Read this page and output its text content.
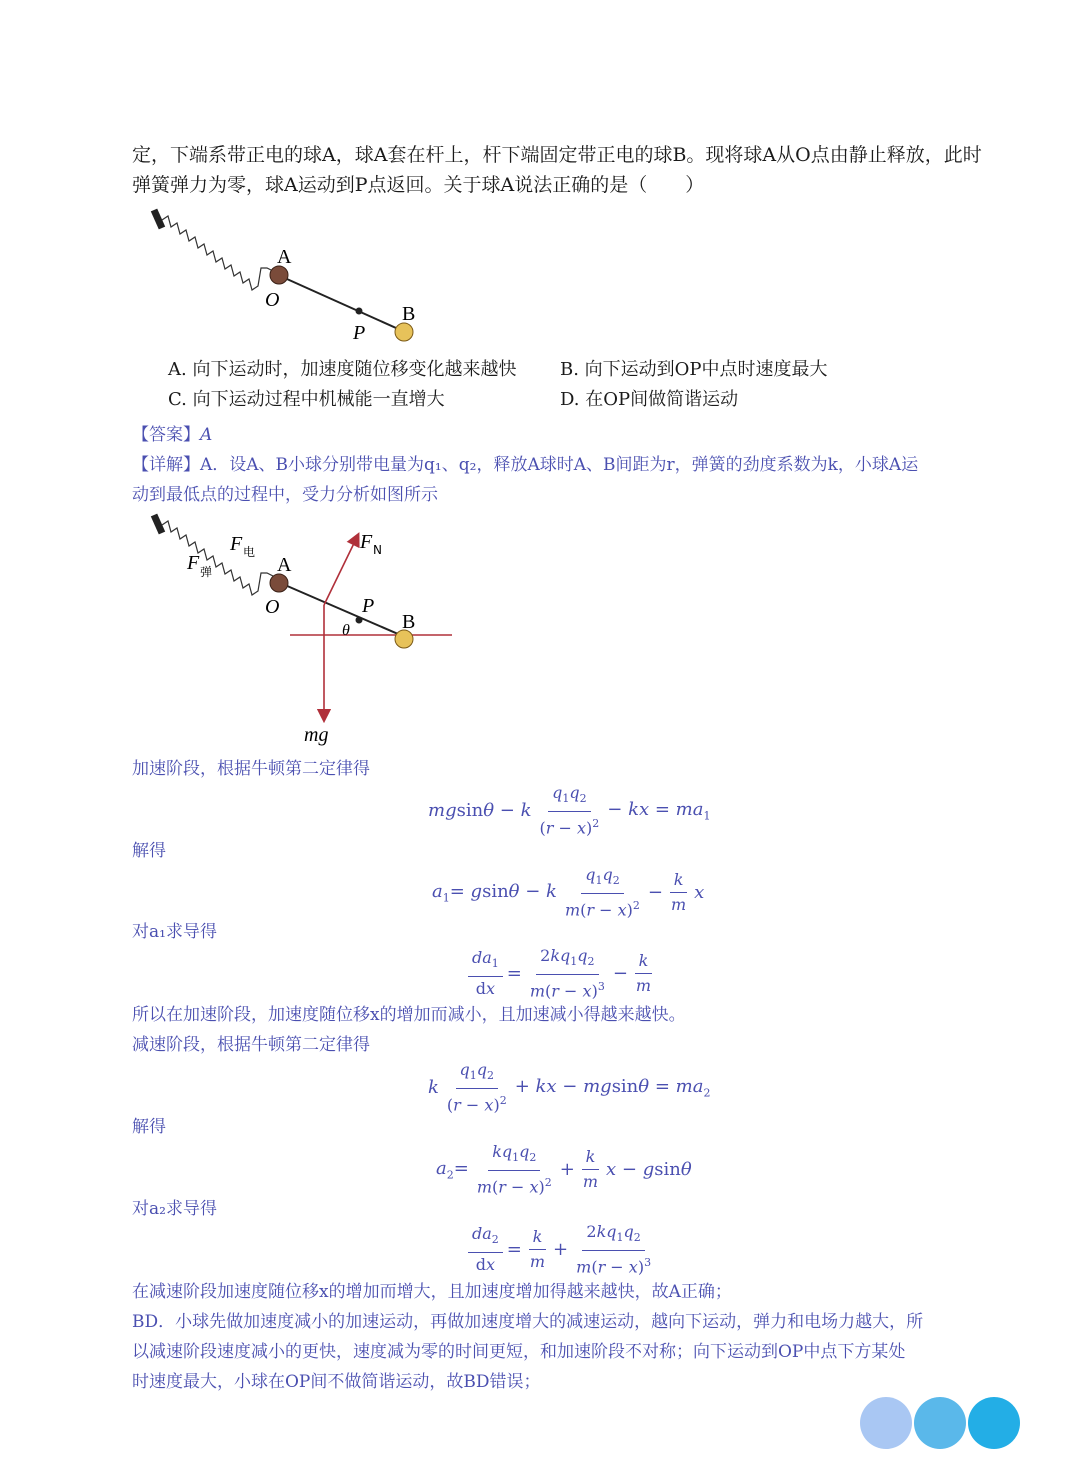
定，下端系带正电的球A，球A套在杆上，杆下端固定带正电的球B。现将球A从O点由静止释放，此时
弹簧弹力为零，球A运动到P点返回。关于球A说法正确的是（　　）
A
O
P
B
A. 向下运动时，加速度随位移变化越来越快 B. 向下运动到OP中点时速度最大
C. 向下运动过程中机械能一直增大	D. 在OP间做简谐运动
【答案】A
【详解】A．设A、B小球分别带电量为q₁、q₂，释放A球时A、B间距为r，弹簧的劲度系数为k，小球A运
动到最低点的过程中，受力分析如图所示
A
O	P
B
θ
mg
F 电
F 弹
F N
加速阶段，根据牛顿第二定律得
mgsinθ − k $\frac{q_1q_2}{(r - x)^2}$ − kx = $ma_1$
解得
$a_1= gsin\theta - k \frac{q_1q_2}{m(r - x)^2} - \frac{k}{m}$ x
对a₁求导得
$\frac{da_1}{dx} = \frac{2kq_1q_2}{m(r - x)^3} - \frac{k}{m}$
所以在加速阶段，加速度随位移x的增加而减小，且加速减小得越来越快。
减速阶段，根据牛顿第二定律得
k $\frac{q_1q_2}{(r - x)^2}$ + kx − $mgsin\theta = ma_2$
解得
$a_2= \frac{kq_1q_2}{m(r - x)^2} + \frac{k}{m}$ x − gsinθ
对a₂求导得
$\frac{da_2}{dx} = \frac{k}{m} + \frac{2kq_1q_2}{m(r - x)^3}$
在减速阶段加速度随位移x的增加而增大，且加速度增加得越来越快，故A正确；
BD．小球先做加速度减小的加速运动，再做加速度增大的减速运动，越向下运动，弹力和电场力越大，所
以减速阶段速度减小的更快，速度减为零的时间更短，和加速阶段不对称；向下运动到OP中点下方某处
时速度最大，小球在OP间不做简谐运动，故BD错误；
